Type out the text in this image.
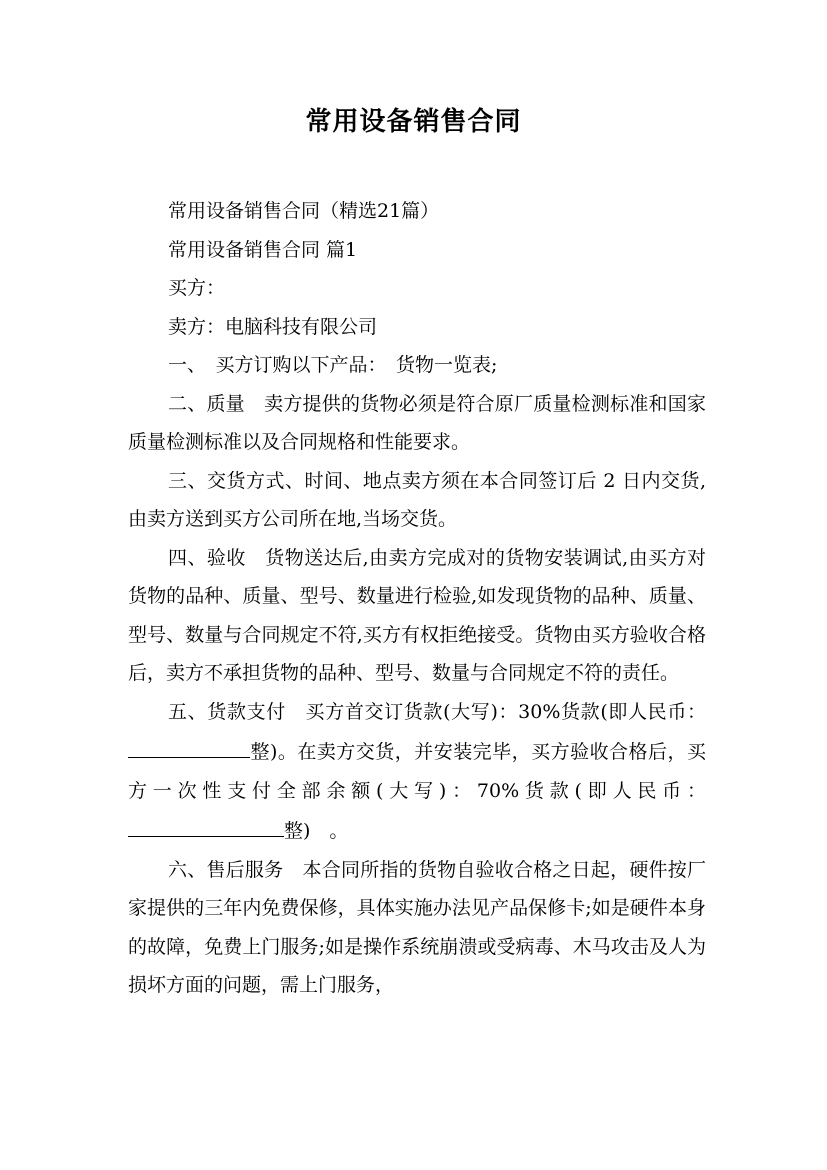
常用设备销售合同

常用设备销售合同（精选21篇）

常用设备销售合同 篇1

买方：

卖方：电脑科技有限公司

一、　买方订购以下产品：　货物一览表;

二、质量　卖方提供的货物必须是符合原厂质量检测标准和国家质量检测标准以及合同规格和性能要求。

三、交货方式、时间、地点卖方须在本合同签订后 2 日内交货,由卖方送到买方公司所在地,当场交货。

四、验收　货物送达后,由卖方完成对的货物安装调试,由买方对货物的品种、质量、型号、数量进行检验,如发现货物的品种、质量、型号、数量与合同规定不符,买方有权拒绝接受。货物由买方验收合格后，卖方不承担货物的品种、型号、数量与合同规定不符的责任。

五、货款支付　买方首交订货款(大写)：30%货款(即人民币：整)。在卖方交货，并安装完毕，买方验收合格后，买方一次性支付全部余额(大写)：70%货款(即人民币：整)　。

六、售后服务　本合同所指的货物自验收合格之日起，硬件按厂家提供的三年内免费保修，具体实施办法见产品保修卡;如是硬件本身的故障，免费上门服务;如是操作系统崩溃或受病毒、木马攻击及人为损坏方面的问题，需上门服务，
